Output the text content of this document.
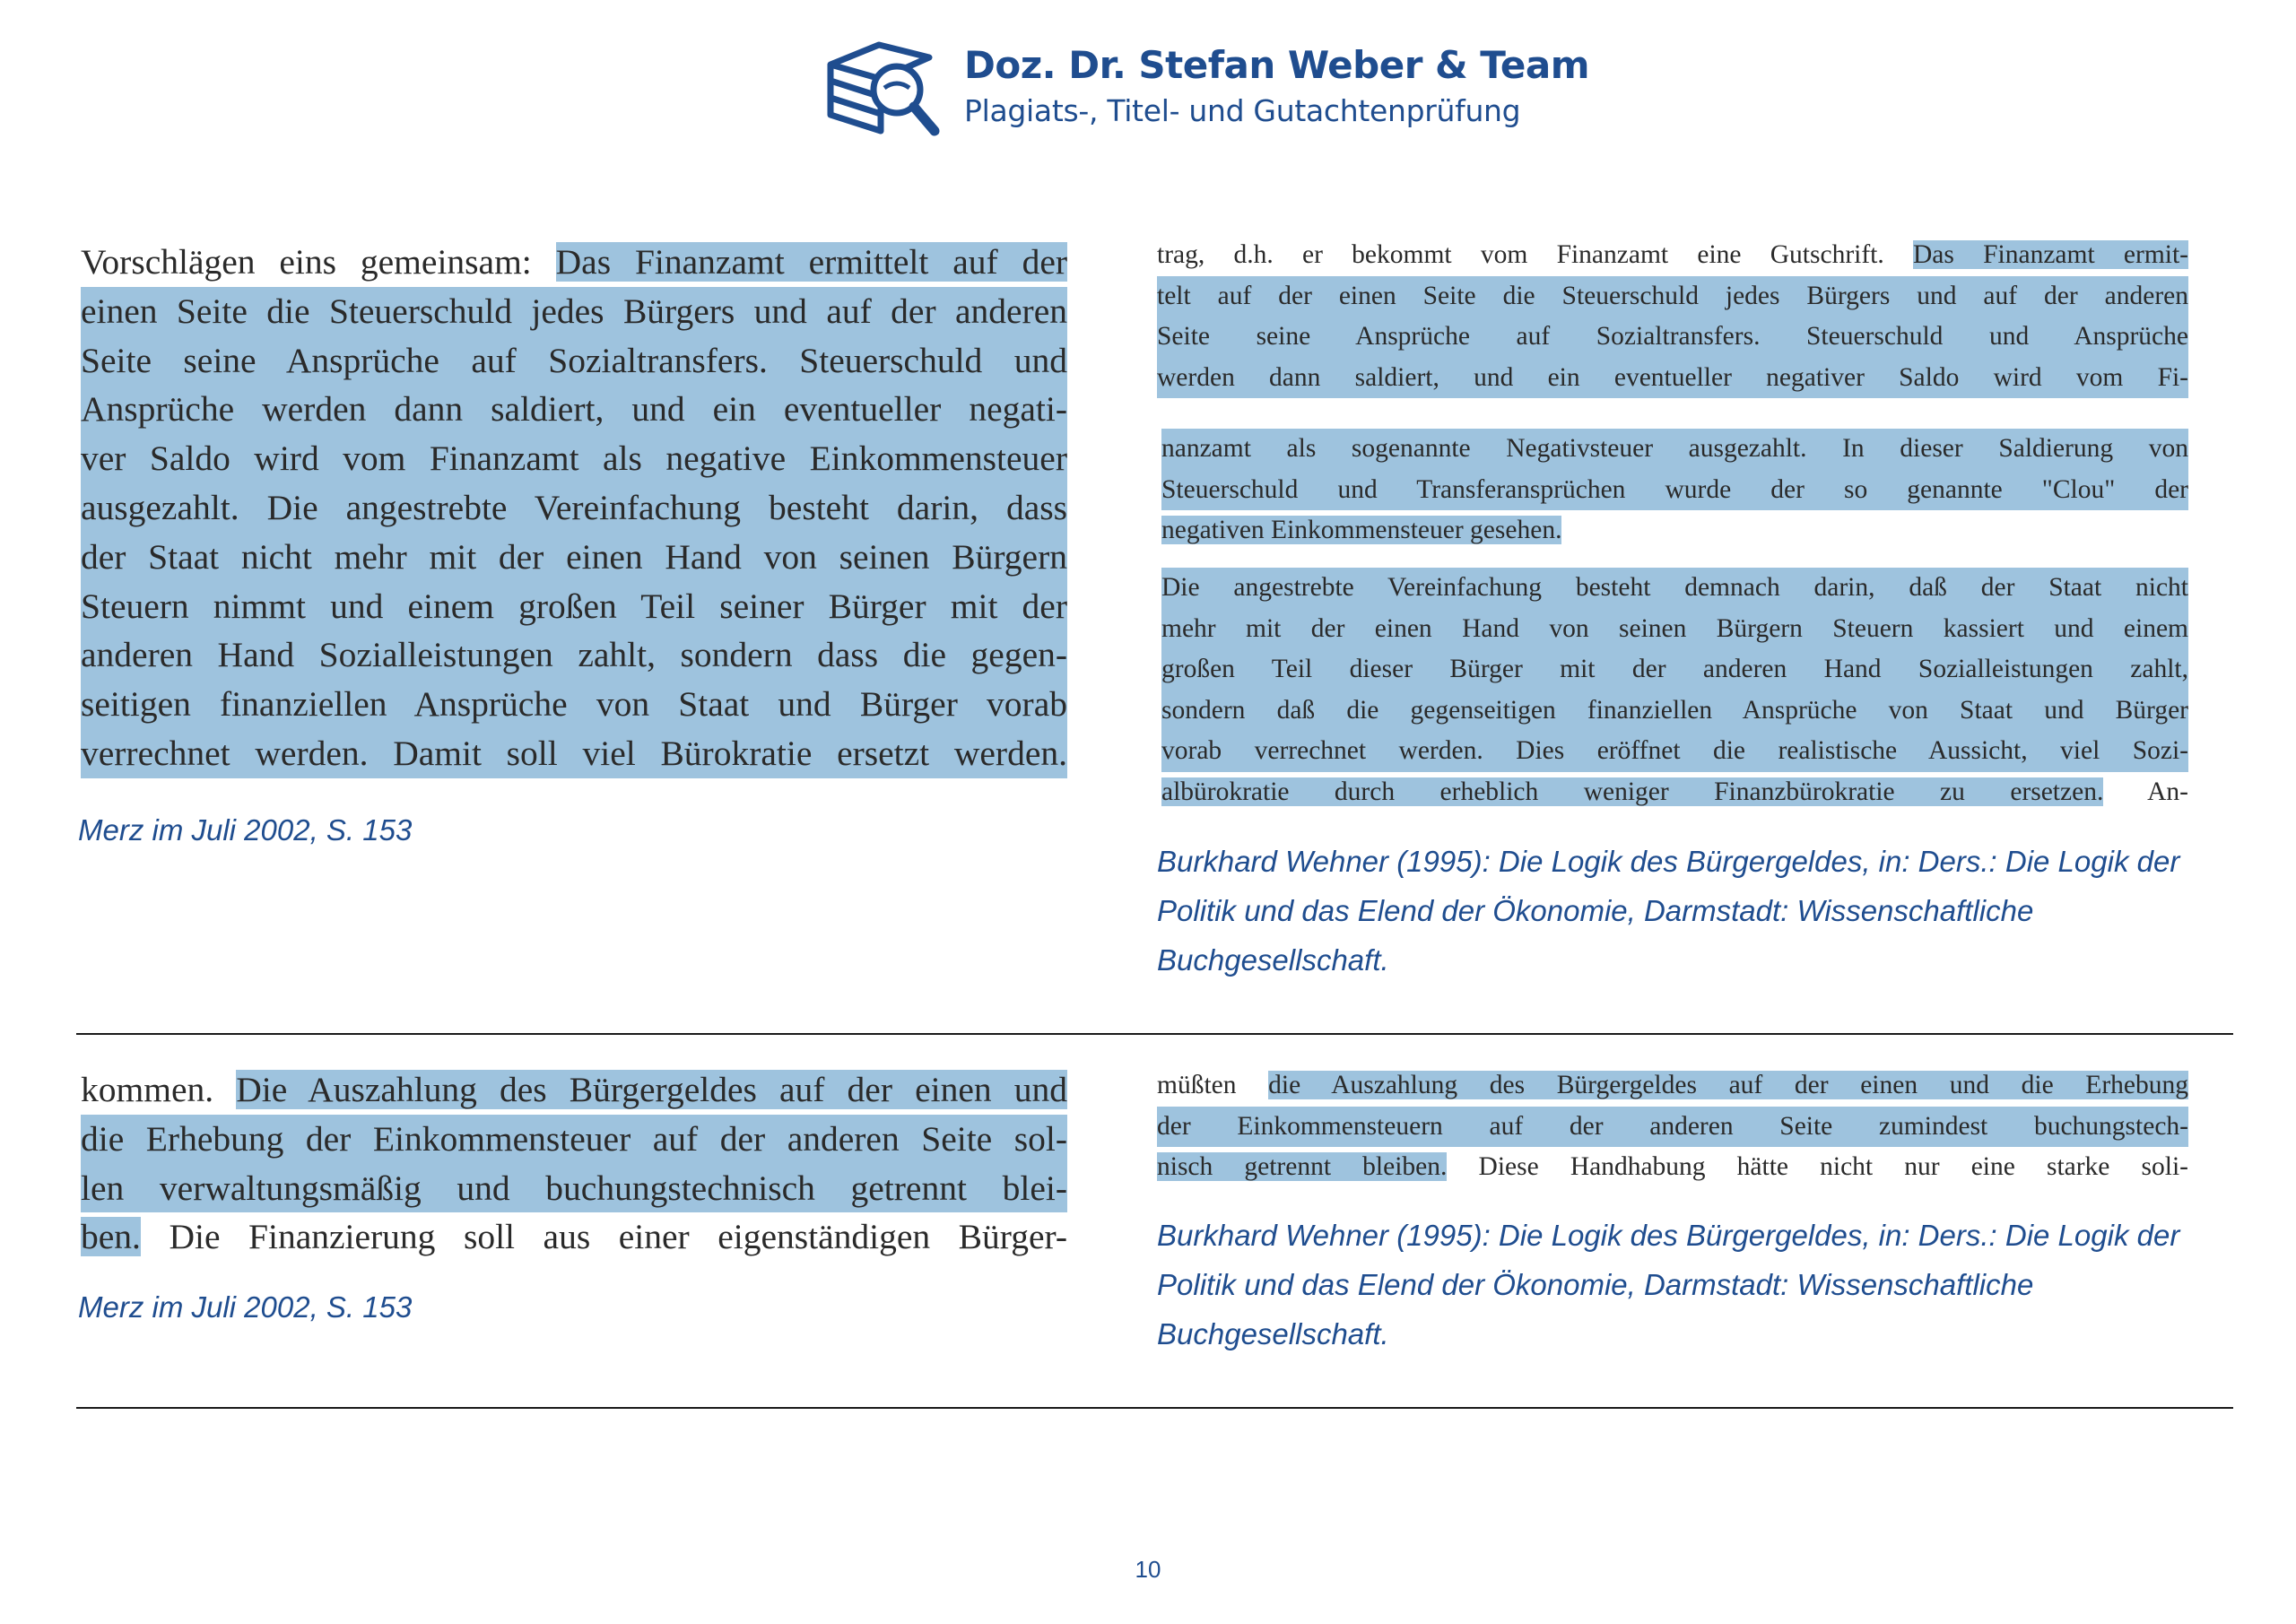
Doz. Dr. Stefan Weber & Team
Plagiats-, Titel- und Gutachtenprüfung

Vorschlägen eins gemeinsam: Das Finanzamt ermittelt auf der

einen Seite die Steuerschuld jedes Bürgers und auf der anderen

Seite seine Ansprüche auf Sozialtransfers. Steuerschuld und

Ansprüche werden dann saldiert, und ein eventueller negati-

ver Saldo wird vom Finanzamt als negative Einkommensteuer

ausgezahlt. Die angestrebte Vereinfachung besteht darin, dass

der Staat nicht mehr mit der einen Hand von seinen Bürgern

Steuern nimmt und einem großen Teil seiner Bürger mit der

anderen Hand Sozialleistungen zahlt, sondern dass die gegen-

seitigen finanziellen Ansprüche von Staat und Bürger vorab

verrechnet werden. Damit soll viel Bürokratie ersetzt werden.

Merz im Juli 2002, S. 153

trag, d.h. er bekommt vom Finanzamt eine Gutschrift. Das Finanzamt ermit-

telt auf der einen Seite die Steuerschuld jedes Bürgers und auf der anderen

Seite seine Ansprüche auf Sozialtransfers. Steuerschuld und Ansprüche

werden dann saldiert, und ein eventueller negativer Saldo wird vom Fi-

nanzamt als sogenannte Negativsteuer ausgezahlt. In dieser Saldierung von

Steuerschuld und Transferansprüchen wurde der so genannte "Clou" der

negativen Einkommensteuer gesehen.

Die angestrebte Vereinfachung besteht demnach darin, daß der Staat nicht

mehr mit der einen Hand von seinen Bürgern Steuern kassiert und einem

großen Teil dieser Bürger mit der anderen Hand Sozialleistungen zahlt,

sondern daß die gegenseitigen finanziellen Ansprüche von Staat und Bürger

vorab verrechnet werden. Dies eröffnet die realistische Aussicht, viel Sozi-

albürokratie durch erheblich weniger Finanzbürokratie zu ersetzen. An-

Burkhard Wehner (1995): Die Logik des Bürgergeldes, in: Ders.: Die Logik der Politik und das Elend der Ökonomie, Darmstadt: Wissenschaftliche Buchgesellschaft.

kommen. Die Auszahlung des Bürgergeldes auf der einen und

die Erhebung der Einkommensteuer auf der anderen Seite sol-

len verwaltungsmäßig und buchungstechnisch getrennt blei-

ben. Die Finanzierung soll aus einer eigenständigen Bürger-

Merz im Juli 2002, S. 153

müßten die Auszahlung des Bürgergeldes auf der einen und die Erhebung

der Einkommensteuern auf der anderen Seite zumindest buchungstech-

nisch getrennt bleiben. Diese Handhabung hätte nicht nur eine starke soli-

Burkhard Wehner (1995): Die Logik des Bürgergeldes, in: Ders.: Die Logik der Politik und das Elend der Ökonomie, Darmstadt: Wissenschaftliche Buchgesellschaft.

10
